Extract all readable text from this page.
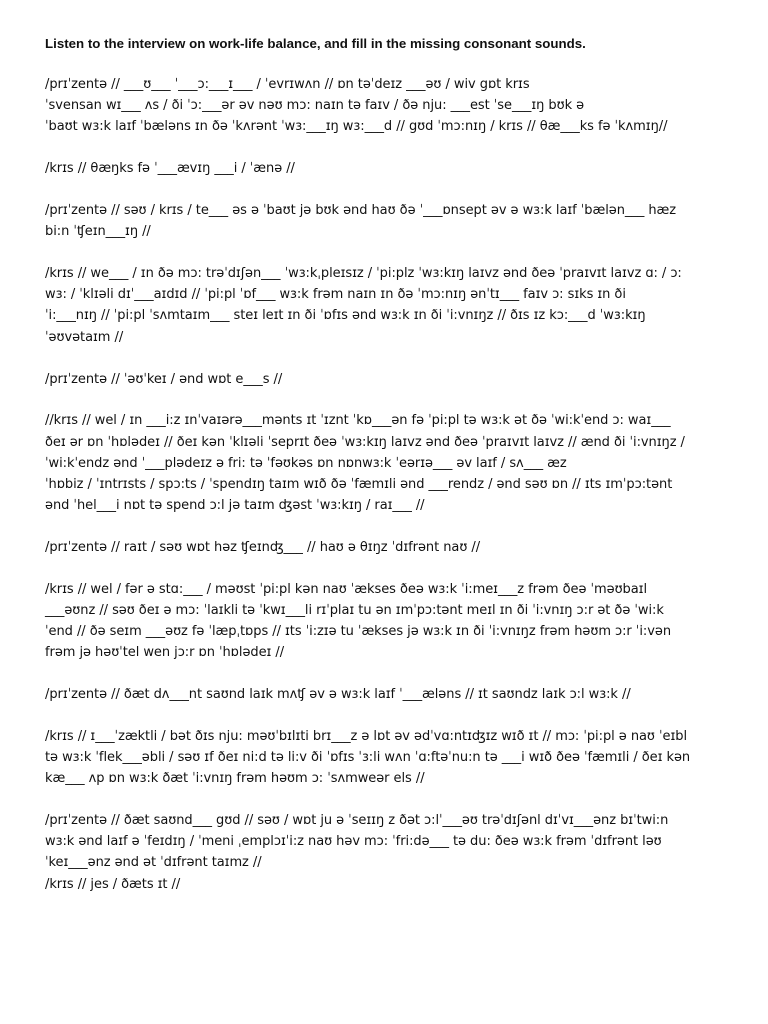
Listen to the interview on work-life balance, and fill in the missing consonant sounds.
/prɪˈzentə // ___ʊ___ ˈ___ɔ:___ɪ___ / ˈevrɪwʌn // ɒn təˈdeɪz ___əʊ / wiv gɒt krɪs
ˈsvensan wɪ___ ʌs / ði ˈɔ:___ər əv nəʊ mɔ: naɪn tə faɪv / ðə nju: ___est ˈse___ɪŋ bʊk ə
ˈbaʊt wɜ:k laɪf ˈbæləns ɪn ðə ˈkʌrənt ˈwɜ:___ɪŋ wɜ:___d // gʊd ˈmɔ:nɪŋ / krɪs // θæ___ks fə ˈkʌmɪŋ//
/krɪs // θæŋks fə ˈ___ævɪŋ ___i / ˈænə //
/prɪˈzentə // səʊ / krɪs / te___ əs ə ˈbaʊt jə bʊk ənd haʊ ðə ˈ___ɒnsept əv ə wɜ:k laɪf ˈbælən___ hæz
bi:n ˈʧeɪn___ɪŋ //
/krɪs // we___ / ɪn ðə mɔ: trəˈdɪʃən___ ˈwɜ:kˌpleɪsɪz / ˈpi:plz ˈwɜ:kɪŋ laɪvz ənd ðeə ˈpraɪvɪt laɪvz ɑ: / ɔ:
wɜ: / ˈklɪəli dɪˈ___aɪdɪd // ˈpi:pl ˈɒf___ wɜ:k frəm naɪn ɪn ðə ˈmɔ:nɪŋ ənˈtɪ___ faɪv ɔ: sɪks ɪn ði
ˈi:___nɪŋ // ˈpi:pl ˈsʌmtaɪm___ steɪ leɪt ɪn ði ˈɒfɪs ənd wɜ:k ɪn ði ˈi:vnɪŋz // ðɪs ɪz kɔ:___d ˈwɜ:kɪŋ
ˈəʊvətaɪm //
/prɪˈzentə // ˈəʊˈkeɪ / ənd wɒt e___s //
//krɪs // wel / ɪn ___i:z ɪnˈvaɪərə___mənts ɪt ˈɪznt ˈkɒ___ən fə ˈpi:pl tə wɜ:k ət ðə ˈwi:kˈend ɔ: waɪ___
ðeɪ ər ɒn ˈhɒlədeɪ // ðeɪ kən ˈklɪəli ˈseprɪt ðeə ˈwɜ:kɪŋ laɪvz ənd ðeə ˈpraɪvɪt laɪvz // ænd ði ˈi:vnɪŋz /
ˈwi:kˈendz ənd ˈ___plədeɪz ə fri: tə ˈfəʊkəs ɒn nɒnwɜ:k ˈeərɪə___ əv laɪf / sʌ___ æz
ˈhɒbiz / ˈɪntrɪsts / spɔ:ts / ˈspendɪŋ taɪm wɪð ðə ˈfæmɪli ənd ___rendz / ənd səʊ ɒn // ɪts ɪmˈpɔ:tənt
ənd ˈhel___i nɒt tə spend ɔ:l jə taɪm ʤəst ˈwɜ:kɪŋ / raɪ___ //
/prɪˈzentə // raɪt / səʊ wɒt həz ʧeɪnʤ___ // haʊ ə θɪŋz ˈdɪfrənt naʊ //
/krɪs // wel / fər ə stɑ:___ / məʊst ˈpi:pl kən naʊ ˈækses ðeə wɜ:k ˈi:meɪ___z frəm ðeə ˈməʊbaɪl
___əʊnz // səʊ ðeɪ ə mɔ: ˈlaɪkli tə ˈkwɪ___li rɪˈplaɪ tu ən ɪmˈpɔ:tənt meɪl ɪn ði ˈi:vnɪŋ ɔ:r ət ðə ˈwi:k
ˈend // ðə seɪm ___əʊz fə ˈlæpˌtɒps // ɪts ˈi:zɪə tu ˈækses jə wɜ:k ɪn ði ˈi:vnɪŋz frəm həʊm ɔ:r ˈi:vən
frəm jə həʊˈtel wen jɔ:r ɒn ˈhɒlədeɪ //
/prɪˈzentə // ðæt dʌ___nt saʊnd laɪk mʌʧ əv ə wɜ:k laɪf ˈ___æləns // ɪt saʊndz laɪk ɔ:l wɜ:k //
/krɪs // ɪ___ˈzæktli / bət ðɪs nju: məʊˈbɪlɪti brɪ___z ə lɒt əv ədˈvɑ:ntɪʤɪz wɪð ɪt // mɔ: ˈpi:pl ə naʊ ˈeɪbl
tə wɜ:k ˈflek___əbli / səʊ ɪf ðeɪ ni:d tə li:v ði ˈɒfɪs ˈɜ:li wʌn ˈɑ:ftəˈnu:n tə ___i wɪð ðeə ˈfæmɪli / ðeɪ kən
kæ___ ʌp ɒn wɜ:k ðæt ˈi:vnɪŋ frəm həʊm ɔ: ˈsʌmweər els //
/prɪˈzentə // ðæt saʊnd___ gʊd // səʊ / wɒt ju ə ˈseɪɪŋ z ðət ɔ:lˈ___əʊ trəˈdɪʃənl dɪˈvɪ___ənz bɪˈtwi:n
wɜ:k ənd laɪf ə ˈfeɪdɪŋ / ˈmeni ˌemplɔɪˈi:z naʊ həv mɔ: ˈfri:də___ tə du: ðeə wɜ:k frəm ˈdɪfrənt ləʊ
ˈkeɪ___ənz ənd ət ˈdɪfrənt taɪmz //
/krɪs // jes / ðæts ɪt //
